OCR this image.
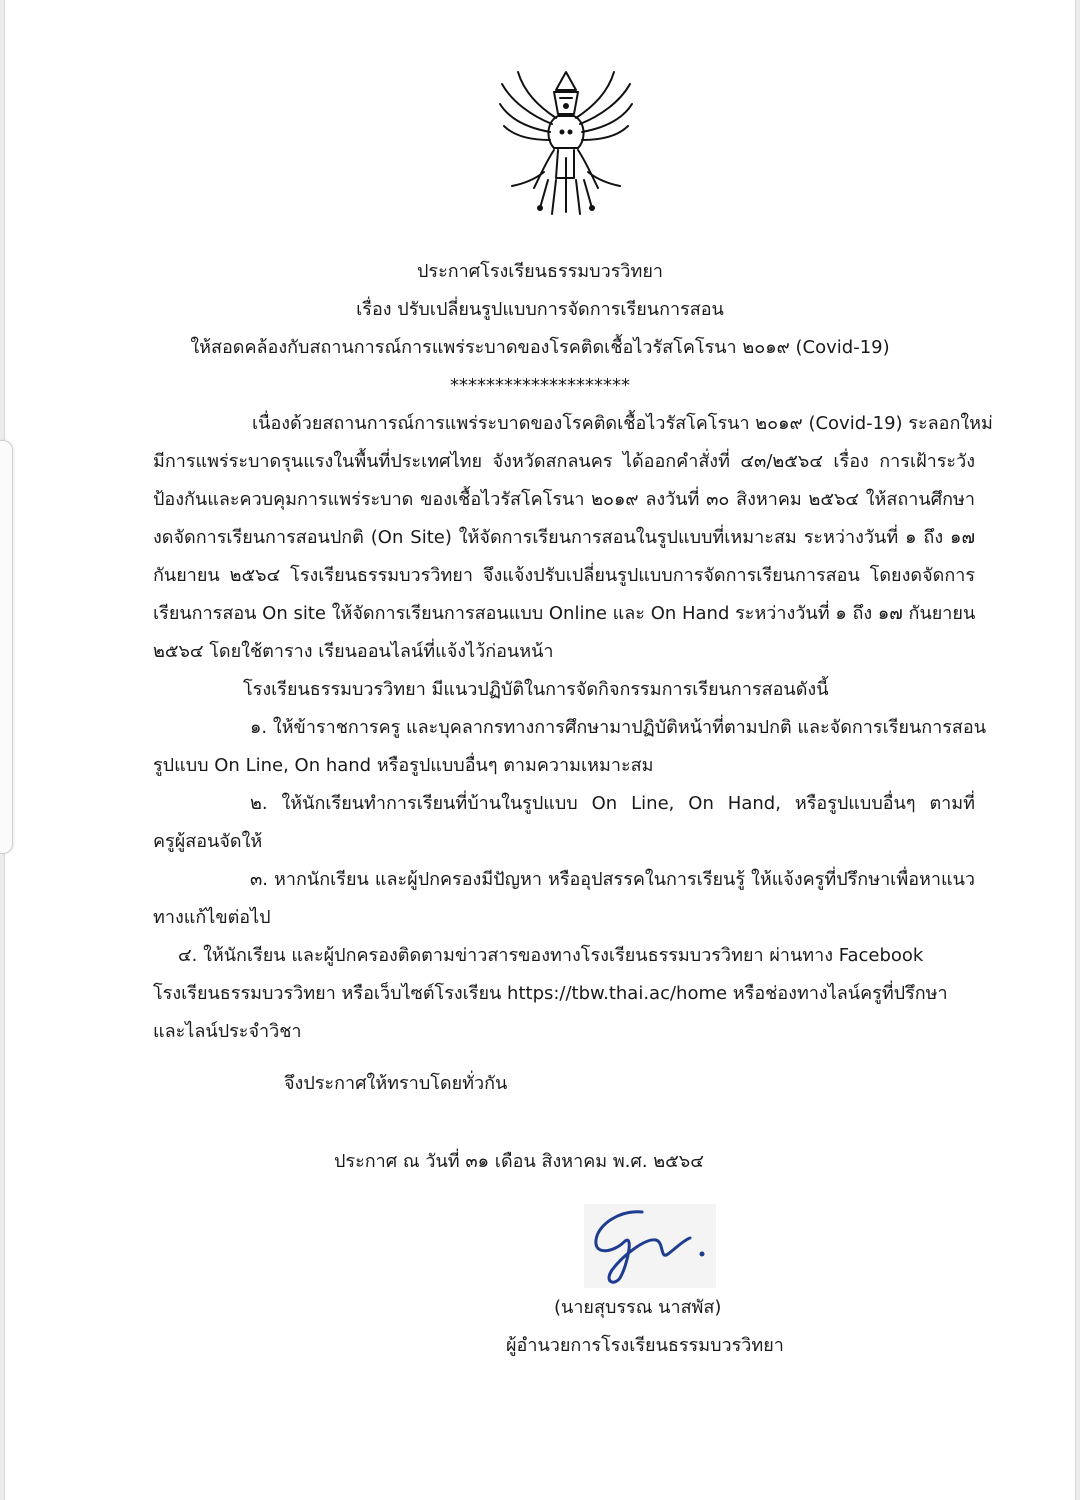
ประกาศโรงเรียนธรรมบวรวิทยา
เรื่อง ปรับเปลี่ยนรูปแบบการจัดการเรียนการสอน
ให้สอดคล้องกับสถานการณ์การแพร่ระบาดของโรคติดเชื้อไวรัสโคโรนา ๒๐๑๙ (Covid-19)
********************
เนื่องด้วยสถานการณ์การแพร่ระบาดของโรคติดเชื้อไวรัสโคโรนา ๒๐๑๙ (Covid-19) ระลอกใหม่
มีการแพร่ระบาดรุนแรงในพื้นที่ประเทศไทย จังหวัดสกลนคร ได้ออกคำสั่งที่ ๔๓/๒๕๖๔ เรื่อง การเฝ้าระวัง
ป้องกันและควบคุมการแพร่ระบาด ของเชื้อไวรัสโคโรนา ๒๐๑๙ ลงวันที่ ๓๐ สิงหาคม ๒๕๖๔ ให้สถานศึกษา
งดจัดการเรียนการสอนปกติ (On Site) ให้จัดการเรียนการสอนในรูปแบบที่เหมาะสม ระหว่างวันที่ ๑ ถึง ๑๗
กันยายน ๒๕๖๔ โรงเรียนธรรมบวรวิทยา จึงแจ้งปรับเปลี่ยนรูปแบบการจัดการเรียนการสอน โดยงดจัดการ
เรียนการสอน On site ให้จัดการเรียนการสอนแบบ Online และ On Hand ระหว่างวันที่ ๑ ถึง ๑๗ กันยายน
๒๕๖๔ โดยใช้ตาราง เรียนออนไลน์ที่แจ้งไว้ก่อนหน้า
โรงเรียนธรรมบวรวิทยา มีแนวปฏิบัติในการจัดกิจกรรมการเรียนการสอนดังนี้
๑. ให้ข้าราชการครู และบุคลากรทางการศึกษามาปฏิบัติหน้าที่ตามปกติ และจัดการเรียนการสอน
รูปแบบ On Line, On hand หรือรูปแบบอื่นๆ ตามความเหมาะสม
๒. ให้นักเรียนทำการเรียนที่บ้านในรูปแบบ On Line, On Hand, หรือรูปแบบอื่นๆ ตามที่
ครูผู้สอนจัดให้
๓. หากนักเรียน และผู้ปกครองมีปัญหา หรืออุปสรรคในการเรียนรู้ ให้แจ้งครูที่ปรึกษาเพื่อหาแนว
ทางแก้ไขต่อไป
๔. ให้นักเรียน และผู้ปกครองติดตามข่าวสารของทางโรงเรียนธรรมบวรวิทยา ผ่านทาง Facebook
โรงเรียนธรรมบวรวิทยา หรือเว็บไซต์โรงเรียน https://tbw.thai.ac/home หรือช่องทางไลน์ครูที่ปรึกษา
และไลน์ประจำวิชา
จึงประกาศให้ทราบโดยทั่วกัน
ประกาศ ณ วันที่ ๓๑ เดือน สิงหาคม พ.ศ. ๒๕๖๔
(นายสุบรรณ นาสพัส)
ผู้อำนวยการโรงเรียนธรรมบวรวิทยา
